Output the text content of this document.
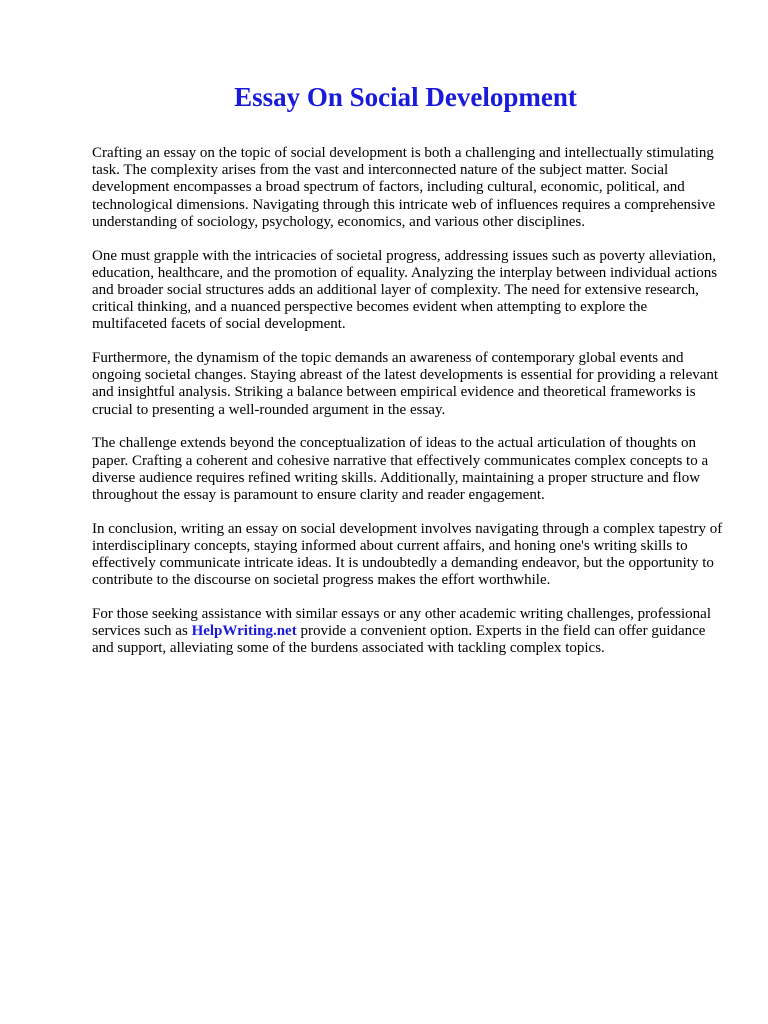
Essay On Social Development

Crafting an essay on the topic of social development is both a challenging and intellectually stimulating task. The complexity arises from the vast and interconnected nature of the subject matter. Social development encompasses a broad spectrum of factors, including cultural, economic, political, and technological dimensions. Navigating through this intricate web of influences requires a comprehensive understanding of sociology, psychology, economics, and various other disciplines.

One must grapple with the intricacies of societal progress, addressing issues such as poverty alleviation, education, healthcare, and the promotion of equality. Analyzing the interplay between individual actions and broader social structures adds an additional layer of complexity. The need for extensive research, critical thinking, and a nuanced perspective becomes evident when attempting to explore the multifaceted facets of social development.

Furthermore, the dynamism of the topic demands an awareness of contemporary global events and ongoing societal changes. Staying abreast of the latest developments is essential for providing a relevant and insightful analysis. Striking a balance between empirical evidence and theoretical frameworks is crucial to presenting a well-rounded argument in the essay.

The challenge extends beyond the conceptualization of ideas to the actual articulation of thoughts on paper. Crafting a coherent and cohesive narrative that effectively communicates complex concepts to a diverse audience requires refined writing skills. Additionally, maintaining a proper structure and flow throughout the essay is paramount to ensure clarity and reader engagement.

In conclusion, writing an essay on social development involves navigating through a complex tapestry of interdisciplinary concepts, staying informed about current affairs, and honing one's writing skills to effectively communicate intricate ideas. It is undoubtedly a demanding endeavor, but the opportunity to contribute to the discourse on societal progress makes the effort worthwhile.

For those seeking assistance with similar essays or any other academic writing challenges, professional services such as HelpWriting.net provide a convenient option. Experts in the field can offer guidance and support, alleviating some of the burdens associated with tackling complex topics.
